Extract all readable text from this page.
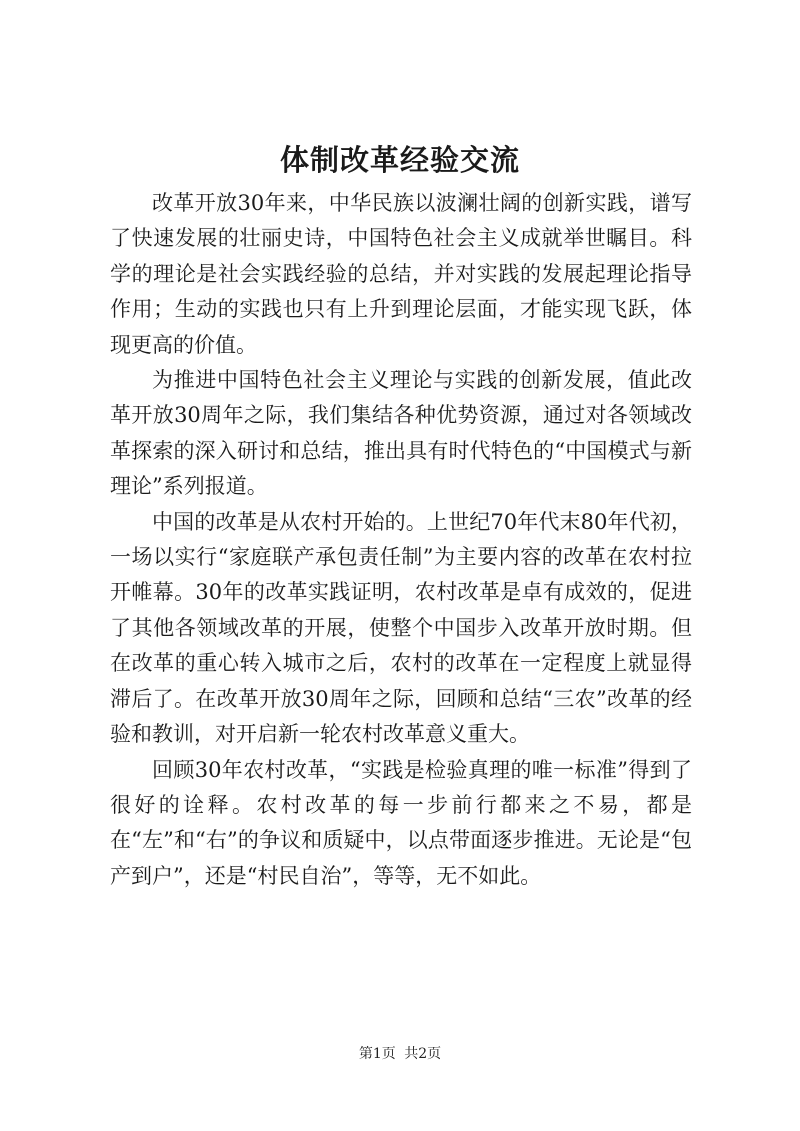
体制改革经验交流

改革开放30年来，中华民族以波澜壮阔的创新实践，谱写了快速发展的壮丽史诗，中国特色社会主义成就举世瞩目。科学的理论是社会实践经验的总结，并对实践的发展起理论指导作用；生动的实践也只有上升到理论层面，才能实现飞跃，体现更高的价值。

为推进中国特色社会主义理论与实践的创新发展，值此改革开放30周年之际，我们集结各种优势资源，通过对各领域改革探索的深入研讨和总结，推出具有时代特色的“中国模式与新理论”系列报道。

中国的改革是从农村开始的。上世纪70年代末80年代初，一场以实行“家庭联产承包责任制”为主要内容的改革在农村拉开帷幕。30年的改革实践证明，农村改革是卓有成效的，促进了其他各领域改革的开展，使整个中国步入改革开放时期。但在改革的重心转入城市之后，农村的改革在一定程度上就显得滞后了。在改革开放30周年之际，回顾和总结“三农”改革的经验和教训，对开启新一轮农村改革意义重大。

回顾30年农村改革，“实践是检验真理的唯一标准”得到了很好的诠释。农村改革的每一步前行都来之不易，都是在“左”和“右”的争议和质疑中，以点带面逐步推进。无论是“包产到户”，还是“村民自治”，等等，无不如此。

第1页 共2页
